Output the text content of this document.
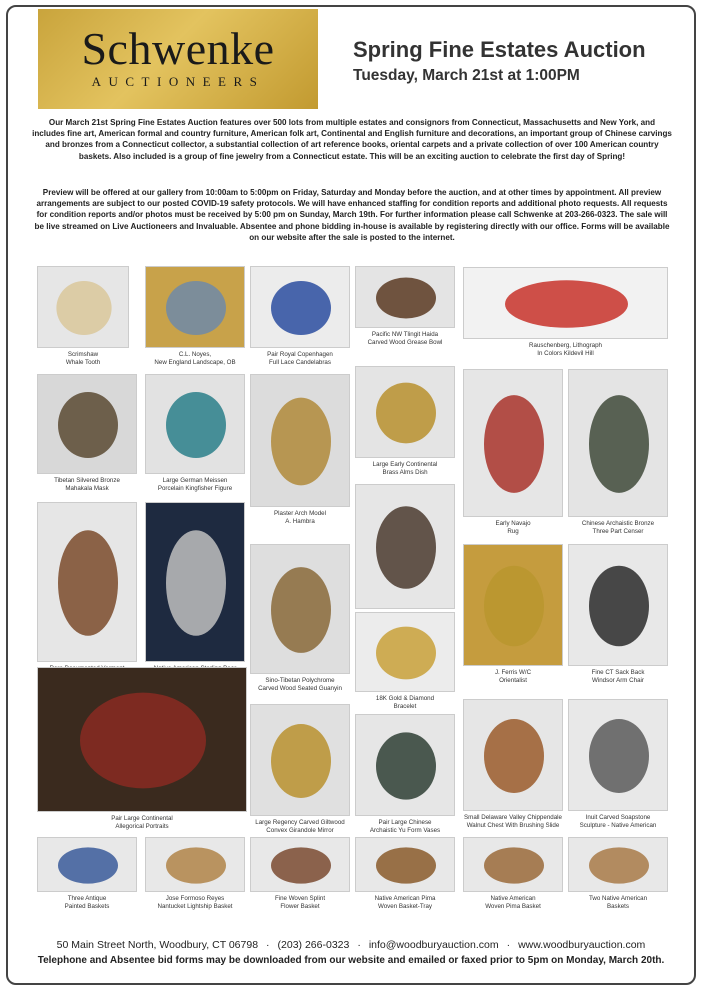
Schwenke
AUCTIONEERS
Spring Fine Estates Auction
Tuesday, March 21st at 1:00PM
Our March 21st Spring Fine Estates Auction features over 500 lots from multiple estates and consignors from Connecticut, Massachusetts and New York, and includes fine art, American formal and country furniture, American folk art, Continental and English furniture and decorations, an important group of Chinese carvings and bronzes from a Connecticut collector, a substantial collection of art reference books, oriental carpets and a private collection of over 100 American country baskets. Also included is a group of fine jewelry from a Connecticut estate. This will be an exciting auction to celebrate the first day of Spring!
Preview will be offered at our gallery from 10:00am to 5:00pm on Friday, Saturday and Monday before the auction, and at other times by appointment. All preview arrangements are subject to our posted COVID-19 safety protocols. We will have enhanced staffing for condition reports and additional photo requests. All requests for condition reports and/or photos must be received by 5:00 pm on Sunday, March 19th. For further information please call Schwenke at 203-266-0323. The sale will be live streamed on Live Auctioneers and Invaluable. Absentee and phone bidding in-house is available by registering directly with our office. Forms will be available on our website after the sale is posted to the internet.
Scrimshaw
Whale Tooth
C.L. Noyes,
New England Landscape, OB
Pair Royal Copenhagen
Full Lace Candelabras
Pacific NW Tlingit Haida
Carved Wood Grease Bowl	Rauschenberg, Lithograph
In Colors Kildevil Hill
Tibetan Silvered Bronze
Mahakala Mask
Large German Meissen
Porcelain Kingfisher Figure
Plaster Arch Model
A. Hambra
Large Early Continental
Brass Alms Dish
Early Navajo
Rug
Chinese Archaistic Bronze
Three Part Censer
Sino-Tibetan Polychrome
Carved Wood Seated Guanyin
J. Ferris W/C
Orientalist
Fine CT Sack Back
Windsor Arm Chair
18K Gold & Diamond
Bracelet
Pair Large Continental
Allegorical Portraits
Large Regency Carved Giltwood
Convex Girandole Mirror
Pair Large Chinese
Archaistic Yu Form Vases
Small Delaware Valley Chippendale
Walnut Chest With Brushing Slide
Inuit Carved Soapstone
Sculpture - Native American
Three Antique
Painted Baskets
Jose Formoso Reyes
Nantucket Lightship Basket
Fine Woven Splint
Flower Basket
Native American Pima
Woven Basket-Tray
Native American
Woven Pima Basket
Two Native American
Baskets
50 Main Street North, Woodbury, CT 06798 · (203) 266-0323 · info@woodburyauction.com · www.woodburyauction.com
Telephone and Absentee bid forms may be downloaded from our website and emailed or faxed prior to 5pm on Monday, March 20th.
